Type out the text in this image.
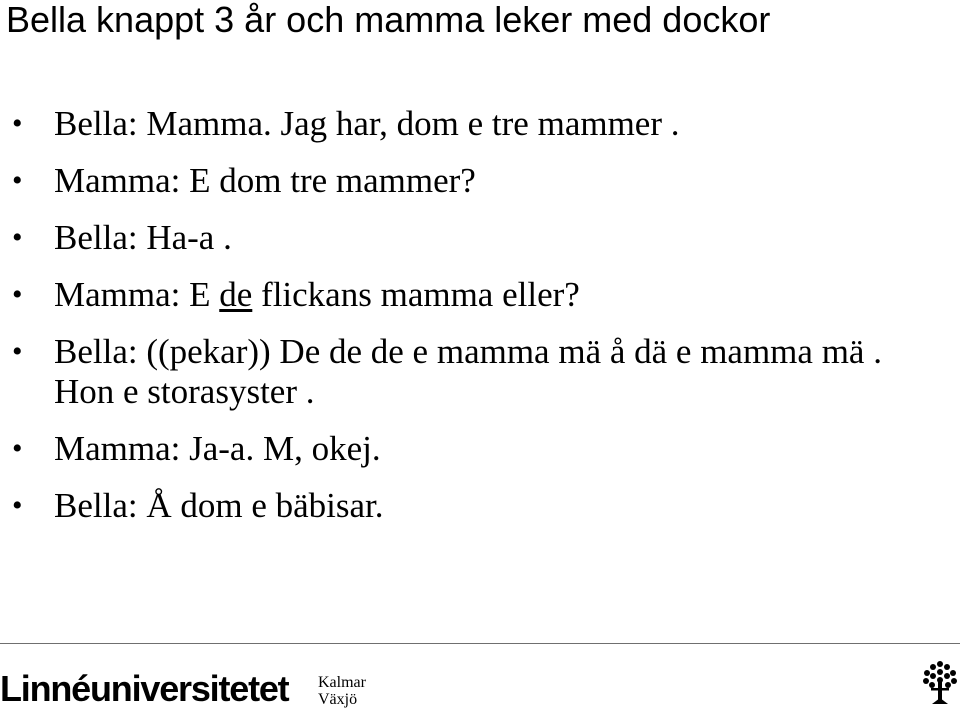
Bella knappt 3 år och mamma leker med dockor
• Bella: Mamma. Jag har, dom e tre mammer .
• Mamma: E dom tre mammer?
• Bella: Ha-a .
• Mamma: E de flickans mamma eller?
• Bella: ((pekar)) De de de e mamma mä å dä e mamma mä . Hon e storasyster .
• Mamma: Ja-a. M, okej.
• Bella: Å dom e bäbisar.
Linnéuniversitetet Kalmar
Växjö
